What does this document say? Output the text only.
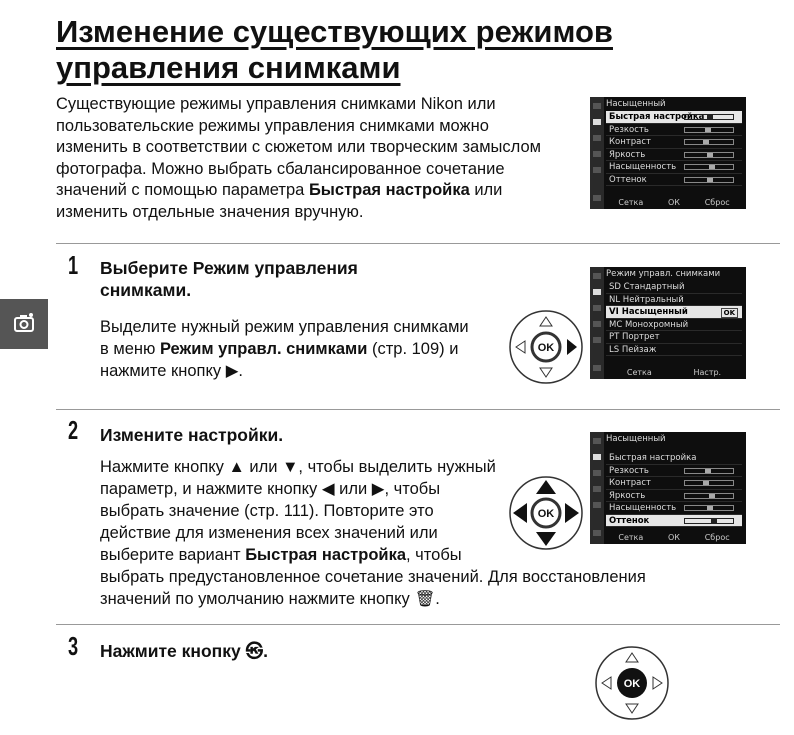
Изменение существующих режимов
управления снимками

Существующие режимы управления снимками Nikon или пользовательские режимы управления снимками можно изменить в соответствии с сюжетом или творческим замыслом фотографа. Можно выбрать сбалансированное сочетание значений с помощью параметра Быстрая настройка или изменить отдельные значения вручную.

Насыщенный
Быстрая настройка
Резкость
Контраст
Яркость
Насыщенность
Оттенок
Сетка	ОК	Сброс
1 Выберите Режим управления снимками.

Выделите нужный режим управления снимками в меню Режим управл. снимками (стр. 109) и нажмите кнопку ▶.

OK
Режим управл. снимками
SD Стандартный
NL Нейтральный
VI Насыщенный	OK
MC Монохромный
PT Портрет
LS Пейзаж
Сетка	Настр.
2 Измените настройки.

Нажмите кнопку ▲ или ▼, чтобы выделить нужный параметр, и нажмите кнопку ◀ или ▶, чтобы выбрать значение (стр. 111). Повторите это действие для изменения всех значений или выберите вариант Быстрая настройка, чтобы

выбрать предустановленное сочетание значений. Для восстановления значений по умолчанию нажмите кнопку 🗑.

OK
Насыщенный
Быстрая настройка
Резкость
Контраст
Яркость
Насыщенность
Оттенок
Сетка	ОК	Сброс
3 Нажмите кнопку ㉿.
OK
